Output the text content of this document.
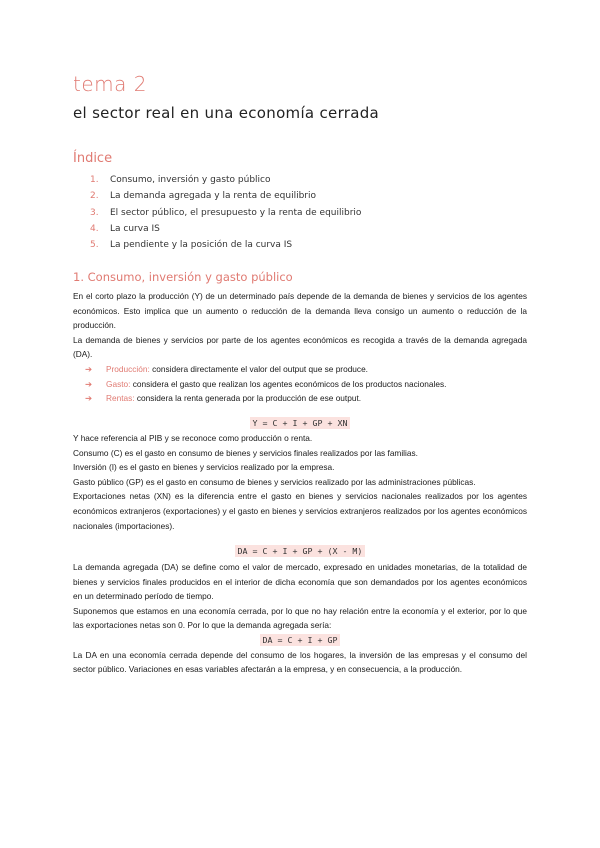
tema 2
el sector real en una economía cerrada
Índice
1.	Consumo, inversión y gasto público
2.	La demanda agregada y la renta de equilibrio
3.	El sector público, el presupuesto y la renta de equilibrio
4.	La curva IS
5.	La pendiente y la posición de la curva IS
1. Consumo, inversión y gasto público

En el corto plazo la producción (Y) de un determinado país depende de la demanda de bienes y servicios de los agentes económicos. Esto implica que un aumento o reducción de la demanda lleva consigo un aumento o reducción de la producción.

La demanda de bienes y servicios por parte de los agentes económicos es recogida a través de la demanda agregada (DA).

➔ Producción: considera directamente el valor del output que se produce.
➔ Gasto: considera el gasto que realizan los agentes económicos de los productos nacionales.
➔ Rentas: considera la renta generada por la producción de ese output.

Y = C + I + GP + XN

Y hace referencia al PIB y se reconoce como producción o renta.

Consumo (C) es el gasto en consumo de bienes y servicios finales realizados por las familias.

Inversión (I) es el gasto en bienes y servicios realizado por la empresa.

Gasto público (GP) es el gasto en consumo de bienes y servicios realizado por las administraciones públicas.

Exportaciones netas (XN) es la diferencia entre el gasto en bienes y servicios nacionales realizados por los agentes económicos extranjeros (exportaciones) y el gasto en bienes y servicios extranjeros realizados por los agentes económicos nacionales (importaciones).

DA = C + I + GP + (X - M)

La demanda agregada (DA) se define como el valor de mercado, expresado en unidades monetarias, de la totalidad de bienes y servicios finales producidos en el interior de dicha economía que son demandados por los agentes económicos en un determinado período de tiempo.

Suponemos que estamos en una economía cerrada, por lo que no hay relación entre la economía y el exterior, por lo que las exportaciones netas son 0. Por lo que la demanda agregada sería:

DA = C + I + GP

La DA en una economía cerrada depende del consumo de los hogares, la inversión de las empresas y el consumo del sector público. Variaciones en esas variables afectarán a la empresa, y en consecuencia, a la producción.
